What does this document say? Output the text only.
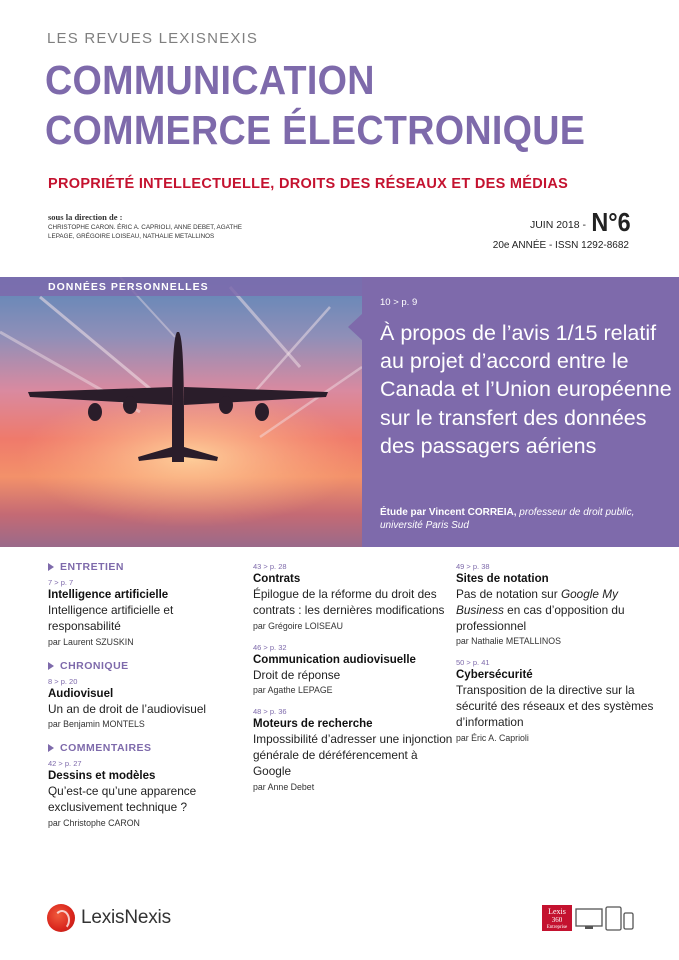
LES REVUES LEXISNEXIS
COMMUNICATION
COMMERCE ÉLECTRONIQUE
PROPRIÉTÉ INTELLECTUELLE, DROITS DES RÉSEAUX ET DES MÉDIAS
sous la direction de :
CHRISTOPHE CARON. ÉRIC A. CAPRIOLI, ANNE DEBET, AGATHE LEPAGE, GRÉGOIRE LOISEAU, NATHALIE METALLINOS
JUIN 2018 - N°6
20e ANNÉE - ISSN 1292-8682
DONNÉES PERSONNELLES
10 > p. 9
À propos de l’avis 1/15 relatif au projet d’accord entre le Canada et l’Union européenne sur le transfert des données des passagers aériens
Étude par Vincent CORREIA, professeur de droit public, université Paris Sud
ENTRETIEN
7 > p. 7
Intelligence artificielle
Intelligence artificielle et responsabilité
par Laurent SZUSKIN
CHRONIQUE
8 > p. 20
Audiovisuel
Un an de droit de l’audiovisuel
par Benjamin MONTELS
COMMENTAIRES
42 > p. 27
Dessins et modèles
Qu’est-ce qu’une apparence exclusivement technique ?
par Christophe CARON
43 > p. 28
Contrats
Épilogue de la réforme du droit des contrats : les dernières modifications
par Grégoire LOISEAU
46 > p. 32
Communication audiovisuelle
Droit de réponse
par Agathe LEPAGE
48 > p. 36
Moteurs de recherche
Impossibilité d’adresser une injonction générale de déréférencement à Google
par Anne Debet
49 > p. 38
Sites de notation
Pas de notation sur Google My Business en cas d’opposition du professionnel
par Nathalie METALLINOS
50 > p. 41
Cybersécurité
Transposition de la directive sur la sécurité des réseaux et des systèmes d’information
par Éric A. Caprioli
LexisNexis	Lexis
360
Entreprise
